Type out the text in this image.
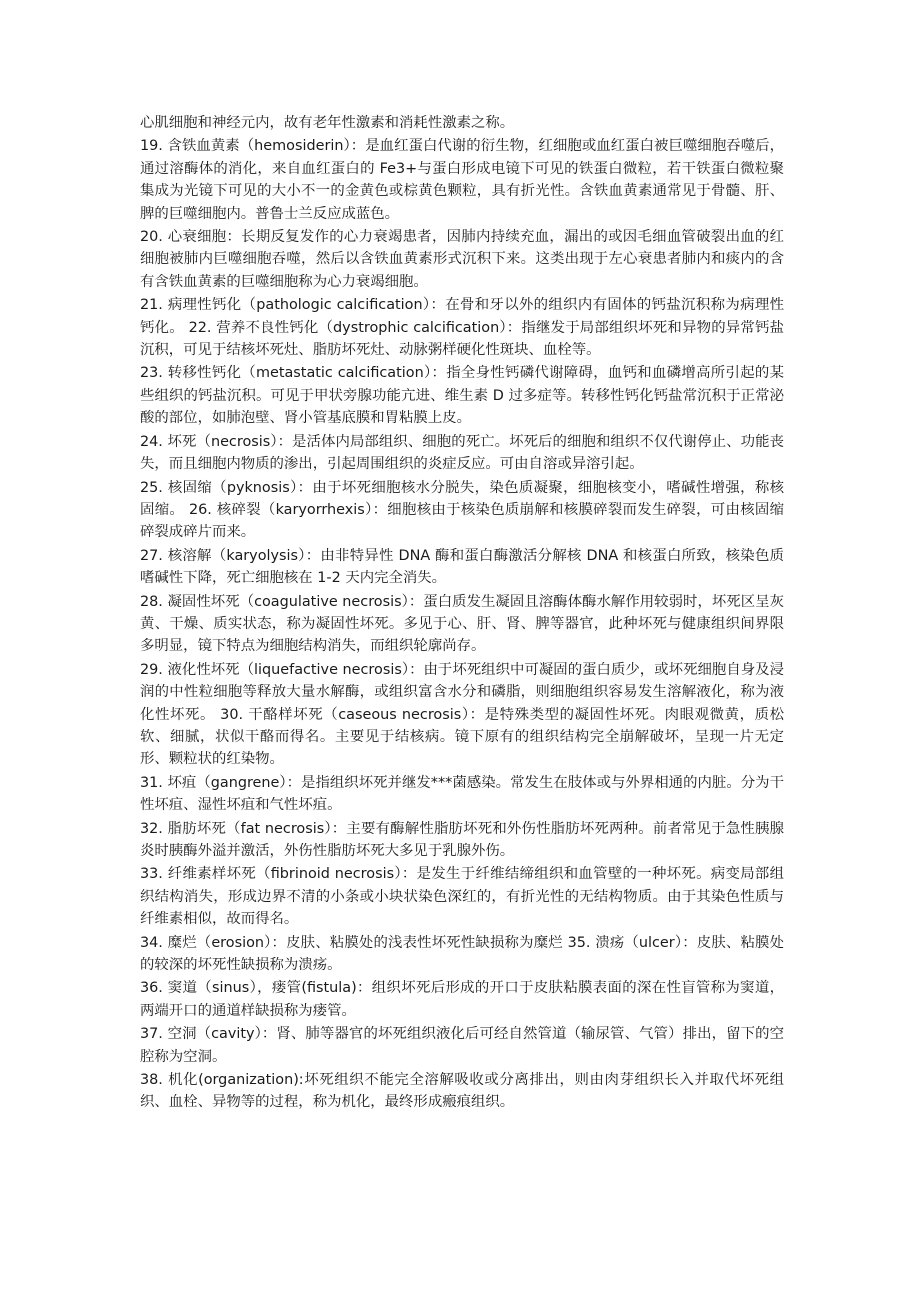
心肌细胞和神经元内，故有老年性激素和消耗性激素之称。

19. 含铁血黄素（hemosiderin）：是血红蛋白代谢的衍生物，红细胞或血红蛋白被巨噬细胞吞噬后，通过溶酶体的消化，来自血红蛋白的 Fe3+与蛋白形成电镜下可见的铁蛋白微粒，若干铁蛋白微粒聚集成为光镜下可见的大小不一的金黄色或棕黄色颗粒，具有折光性。含铁血黄素通常见于骨髓、肝、脾的巨噬细胞内。普鲁士兰反应成蓝色。

20. 心衰细胞：长期反复发作的心力衰竭患者，因肺内持续充血，漏出的或因毛细血管破裂出血的红细胞被肺内巨噬细胞吞噬，然后以含铁血黄素形式沉积下来。这类出现于左心衰患者肺内和痰内的含有含铁血黄素的巨噬细胞称为心力衰竭细胞。

21. 病理性钙化（pathologic calcification）：在骨和牙以外的组织内有固体的钙盐沉积称为病理性钙化。 22. 营养不良性钙化（dystrophic calcification）：指继发于局部组织坏死和异物的异常钙盐沉积，可见于结核坏死灶、脂肪坏死灶、动脉粥样硬化性斑块、血栓等。

23. 转移性钙化（metastatic calcification）：指全身性钙磷代谢障碍，血钙和血磷增高所引起的某些组织的钙盐沉积。可见于甲状旁腺功能亢进、维生素 D 过多症等。转移性钙化钙盐常沉积于正常泌酸的部位，如肺泡壁、肾小管基底膜和胃粘膜上皮。

24. 坏死（necrosis）：是活体内局部组织、细胞的死亡。坏死后的细胞和组织不仅代谢停止、功能丧失，而且细胞内物质的渗出，引起周围组织的炎症反应。可由自溶或异溶引起。

25. 核固缩（pyknosis）：由于坏死细胞核水分脱失，染色质凝聚，细胞核变小，嗜碱性增强，称核固缩。 26. 核碎裂（karyorrhexis）：细胞核由于核染色质崩解和核膜碎裂而发生碎裂，可由核固缩碎裂成碎片而来。

27. 核溶解（karyolysis）：由非特异性 DNA 酶和蛋白酶激活分解核 DNA 和核蛋白所致，核染色质嗜碱性下降，死亡细胞核在 1-2 天内完全消失。

28. 凝固性坏死（coagulative necrosis）：蛋白质发生凝固且溶酶体酶水解作用较弱时，坏死区呈灰黄、干燥、质实状态，称为凝固性坏死。多见于心、肝、肾、脾等器官，此种坏死与健康组织间界限多明显，镜下特点为细胞结构消失，而组织轮廓尚存。

29. 液化性坏死（liquefactive necrosis）：由于坏死组织中可凝固的蛋白质少，或坏死细胞自身及浸润的中性粒细胞等释放大量水解酶，或组织富含水分和磷脂，则细胞组织容易发生溶解液化，称为液化性坏死。 30. 干酪样坏死（caseous necrosis）：是特殊类型的凝固性坏死。肉眼观微黄，质松软、细腻，状似干酪而得名。主要见于结核病。镜下原有的组织结构完全崩解破坏，呈现一片无定形、颗粒状的红染物。

31. 坏疽（gangrene）：是指组织坏死并继发***菌感染。常发生在肢体或与外界相通的内脏。分为干性坏疽、湿性坏疽和气性坏疽。

32. 脂肪坏死（fat necrosis）：主要有酶解性脂肪坏死和外伤性脂肪坏死两种。前者常见于急性胰腺炎时胰酶外溢并激活，外伤性脂肪坏死大多见于乳腺外伤。

33. 纤维素样坏死（fibrinoid necrosis）：是发生于纤维结缔组织和血管壁的一种坏死。病变局部组织结构消失，形成边界不清的小条或小块状染色深红的，有折光性的无结构物质。由于其染色性质与纤维素相似，故而得名。

34. 糜烂（erosion）：皮肤、粘膜处的浅表性坏死性缺损称为糜烂 35. 溃疡（ulcer）：皮肤、粘膜处的较深的坏死性缺损称为溃疡。

36. 窦道（sinus），瘘管(fistula)：组织坏死后形成的开口于皮肤粘膜表面的深在性盲管称为窦道，两端开口的通道样缺损称为瘘管。

37. 空洞（cavity）：肾、肺等器官的坏死组织液化后可经自然管道（输尿管、气管）排出，留下的空腔称为空洞。

38. 机化(organization):坏死组织不能完全溶解吸收或分离排出，则由肉芽组织长入并取代坏死组织、血栓、异物等的过程，称为机化，最终形成瘢痕组织。
